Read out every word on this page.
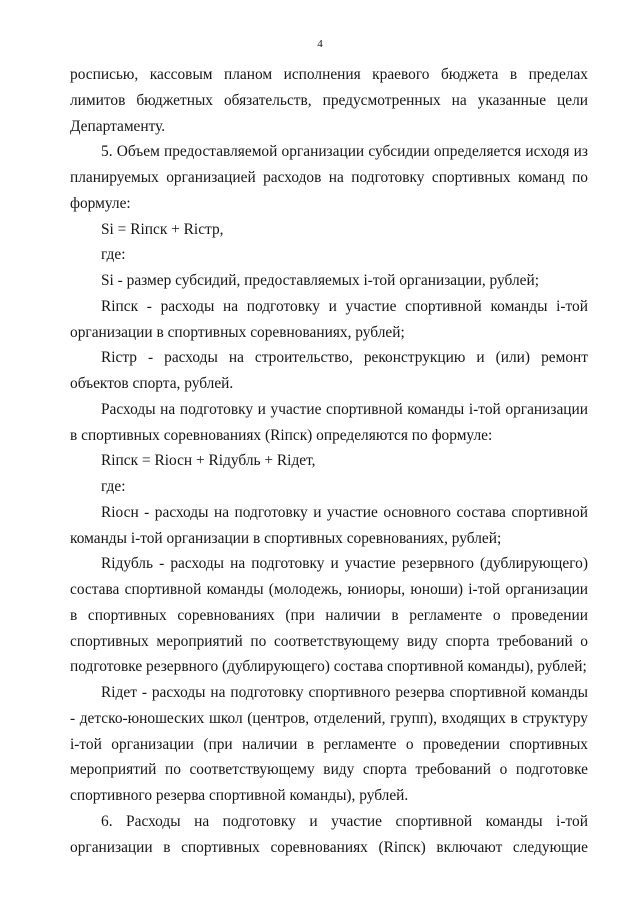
4

росписью, кассовым планом исполнения краевого бюджета в пределах лимитов бюджетных обязательств, предусмотренных на указанные цели Департаменту.

5. Объем предоставляемой организации субсидии определяется исходя из планируемых организацией расходов на подготовку спортивных команд по формуле:

Si = Riпск + Riстр,

где:

Si - размер субсидий, предоставляемых i-той организации, рублей;

Riпск - расходы на подготовку и участие спортивной команды i-той организации в спортивных соревнованиях, рублей;

Riстр - расходы на строительство, реконструкцию и (или) ремонт объектов спорта, рублей.

Расходы на подготовку и участие спортивной команды i-той организации в спортивных соревнованиях (Riпск) определяются по формуле:

Riпск = Riосн + Riдубль + Riдет,

где:

Riосн - расходы на подготовку и участие основного состава спортивной команды i-той организации в спортивных соревнованиях, рублей;

Riдубль - расходы на подготовку и участие резервного (дублирующего) состава спортивной команды (молодежь, юниоры, юноши) i-той организации в спортивных соревнованиях (при наличии в регламенте о проведении спортивных мероприятий по соответствующему виду спорта требований о подготовке резервного (дублирующего) состава спортивной команды), рублей;

Riдет - расходы на подготовку спортивного резерва спортивной команды - детско-юношеских школ (центров, отделений, групп), входящих в структуру i-той организации (при наличии в регламенте о проведении спортивных мероприятий по соответствующему виду спорта требований о подготовке спортивного резерва спортивной команды), рублей.

6. Расходы на подготовку и участие спортивной команды i-той организации в спортивных соревнованиях (Riпск) включают следующие
